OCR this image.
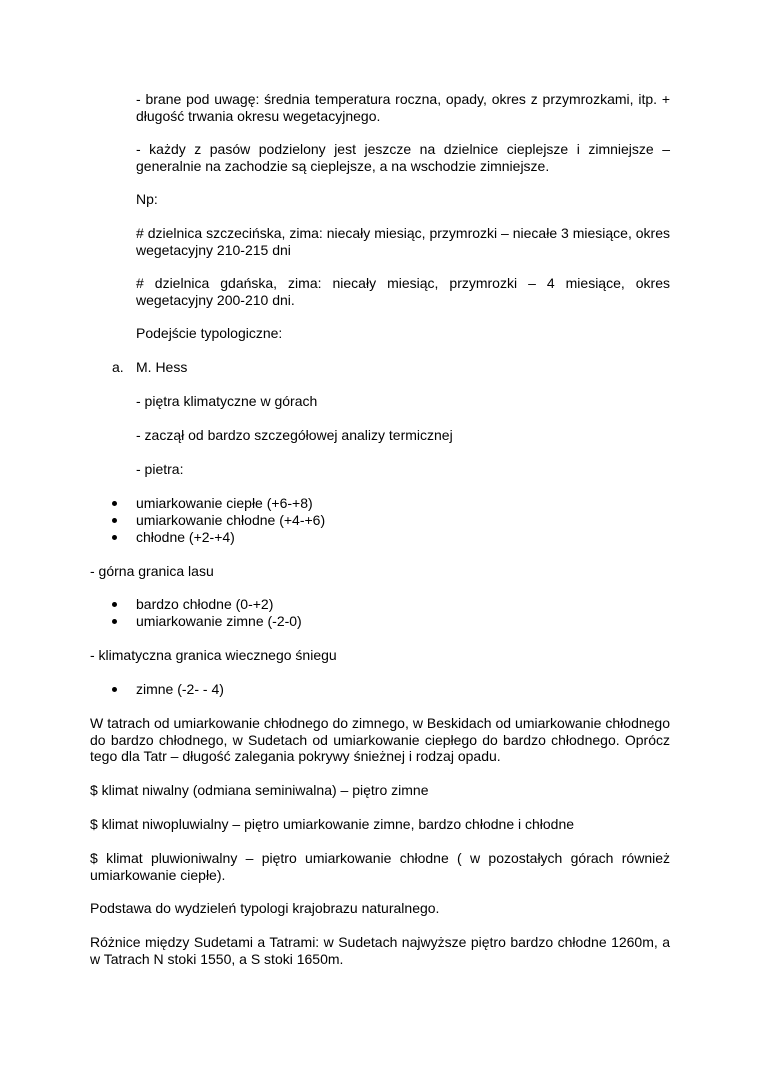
- brane pod uwagę: średnia temperatura roczna, opady, okres z przymrozkami, itp. + długość trwania okresu wegetacyjnego.

- każdy z pasów podzielony jest jeszcze na dzielnice cieplejsze i zimniejsze – generalnie na zachodzie są cieplejsze, a na wschodzie zimniejsze.

Np:

# dzielnica szczecińska, zima: niecały miesiąc, przymrozki – niecałe 3 miesiące, okres wegetacyjny 210-215 dni

# dzielnica gdańska, zima: niecały miesiąc, przymrozki – 4 miesiące, okres wegetacyjny 200-210 dni.

Podejście typologiczne:

a. M. Hess

- piętra klimatyczne w górach

- zaczął od bardzo szczegółowej analizy termicznej

- pietra:

umiarkowanie ciepłe (+6-+8)
umiarkowanie chłodne (+4-+6)
chłodne (+2-+4)

- górna granica lasu

bardzo chłodne (0-+2)
umiarkowanie zimne (-2-0)

- klimatyczna granica wiecznego śniegu

zimne (-2- - 4)

W tatrach od umiarkowanie chłodnego do zimnego, w Beskidach od umiarkowanie chłodnego do bardzo chłodnego, w Sudetach od umiarkowanie ciepłego do bardzo chłodnego. Oprócz tego dla Tatr – długość zalegania pokrywy śnieżnej i rodzaj opadu.

$ klimat niwalny (odmiana seminiwalna) – piętro zimne

$ klimat niwopluwialny – piętro umiarkowanie zimne, bardzo chłodne i chłodne

$ klimat pluwioniwalny – piętro umiarkowanie chłodne ( w pozostałych górach również umiarkowanie ciepłe).

Podstawa do wydzieleń typologi krajobrazu naturalnego.

Różnice między Sudetami a Tatrami: w Sudetach najwyższe piętro bardzo chłodne 1260m, a w Tatrach N stoki 1550, a S stoki 1650m.
